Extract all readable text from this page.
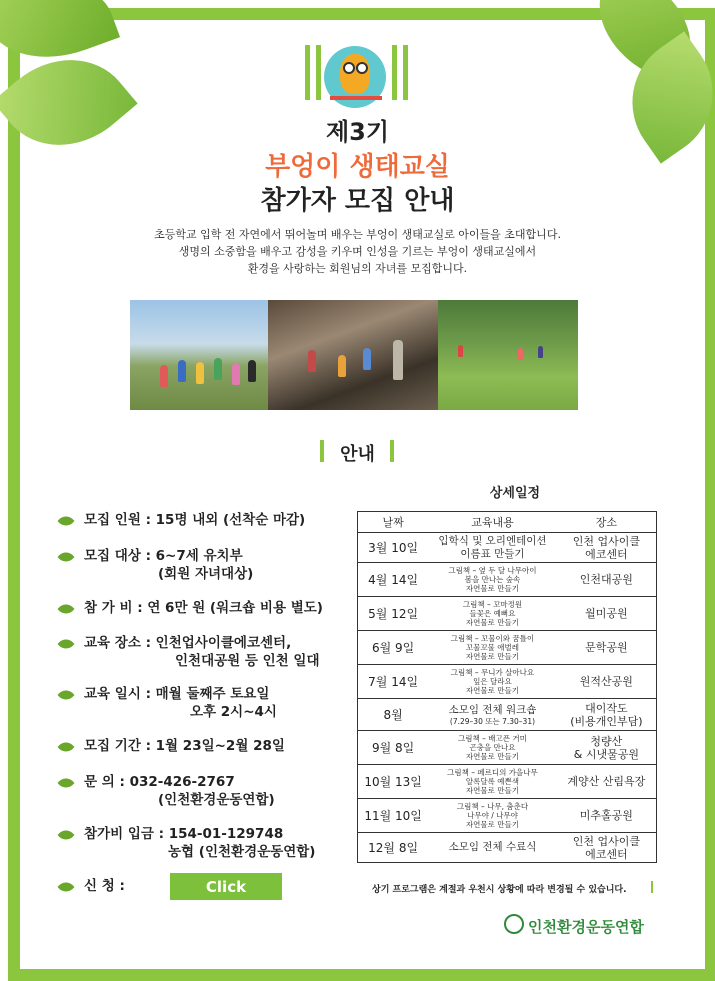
제3기
부엉이 생태교실
참가자 모집 안내
초등학교 입학 전 자연에서 뛰어놀며 배우는 부엉이 생태교실로 아이들을 초대합니다.
생명의 소중함을 배우고 감성을 키우며 인성을 기르는 부엉이 생태교실에서
환경을 사랑하는 회원님의 자녀를 모집합니다.
안내
모집 인원 : 15명 내외 (선착순 마감)
모집 대상 : 6~7세 유치부
(회원 자녀대상)
참 가 비 : 연 6만 원 (워크숍 비용 별도)
교육 장소 : 인천업사이클에코센터,
인천대공원 등 인천 일대
교육 일시 : 매월 둘째주 토요일
오후 2시~4시
모집 기간 : 1월 23일~2월 28일
문 의 : 032-426-2767
(인천환경운동연합)
참가비 입금 : 154-01-129748
농협 (인천환경운동연합)
신 청 :	Click
상세일정
날짜	교육내용	장소
3월 10일	입학식 및 오리엔테이션
이름표 만들기	인천 업사이클
에코센터
4월 14일	그림책 – 옆 두 달 나무아이
봄을 만나는 숲속
자연물로 만들기	인천대공원
5월 12일	그림책 – 꼬마정원
들꽃은 예뻐요
자연물로 만들기	월미공원
6월 9일	그림책 – 꼬물이와 꿈틀이
꼬물꼬물 애벌레
자연물로 만들기	문학공원
7월 14일	그림책 – 무니가 살아나요
잎은 달라요
자연물로 만들기	원적산공원
8월	소모임 전체 워크숍
(7.29–30 또는 7.30–31)	대이작도
(비용개인부담)
9월 8일	그림책 – 배고픈 거미
곤충을 만나요
자연물로 만들기	청량산
& 시냇물공원
10월 13일	그림책 – 페르디의 가을나무
알록달록 예쁜색
자연물로 만들기	계양산 산림욕장
11월 10일	그림책 – 나무, 춤춘다
나무야 / 나무야
자연물로 만들기	미추홀공원
12월 8일	소모임 전체 수료식	인천 업사이클
에코센터
상기 프로그램은 계절과 우천시 상황에 따라 변경될 수 있습니다.
인천환경운동연합
